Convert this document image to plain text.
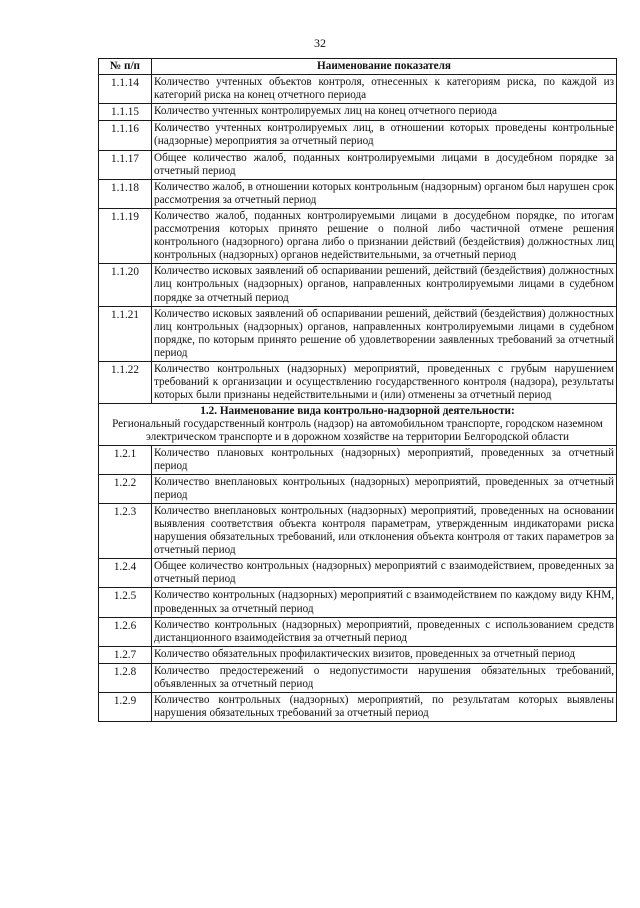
32
№ п/п	Наименование показателя
1.1.14	Количество учтенных объектов контроля, отнесенных к категориям риска, по каждой из категорий риска на конец отчетного периода
1.1.15	Количество учтенных контролируемых лиц на конец отчетного периода
1.1.16	Количество учтенных контролируемых лиц, в отношении которых проведены контрольные (надзорные) мероприятия за отчетный период
1.1.17	Общее количество жалоб, поданных контролируемыми лицами в досудебном порядке за отчетный период
1.1.18	Количество жалоб, в отношении которых контрольным (надзорным) органом был нарушен срок рассмотрения за отчетный период
1.1.19	Количество жалоб, поданных контролируемыми лицами в досудебном порядке, по итогам рассмотрения которых принято решение о полной либо частичной отмене решения контрольного (надзорного) органа либо о признании действий (бездействия) должностных лиц контрольных (надзорных) органов недействительными, за отчетный период
1.1.20	Количество исковых заявлений об оспаривании решений, действий (бездействия) должностных лиц контрольных (надзорных) органов, направленных контролируемыми лицами в судебном порядке за отчетный период
1.1.21	Количество исковых заявлений об оспаривании решений, действий (бездействия) должностных лиц контрольных (надзорных) органов, направленных контролируемыми лицами в судебном порядке, по которым принято решение об удовлетворении заявленных требований за отчетный период
1.1.22	Количество контрольных (надзорных) мероприятий, проведенных с грубым нарушением требований к организации и осуществлению государственного контроля (надзора), результаты которых были признаны недействительными и (или) отменены за отчетный период

1.2. Наименование вида контрольно-надзорной деятельности:
Региональный государственный контроль (надзор) на автомобильном транспорте, городском наземном электрическом транспорте и в дорожном хозяйстве на территории Белгородской области	

1.2.1	Количество плановых контрольных (надзорных) мероприятий, проведенных за отчетный период
1.2.2	Количество внеплановых контрольных (надзорных) мероприятий, проведенных за отчетный период
1.2.3	Количество внеплановых контрольных (надзорных) мероприятий, проведенных на основании выявления соответствия объекта контроля параметрам, утвержденным индикаторами риска нарушения обязательных требований, или отклонения объекта контроля от таких параметров за отчетный период
1.2.4	Общее количество контрольных (надзорных) мероприятий с взаимодействием, проведенных за отчетный период
1.2.5	Количество контрольных (надзорных) мероприятий с взаимодействием по каждому виду КНМ, проведенных за отчетный период
1.2.6	Количество контрольных (надзорных) мероприятий, проведенных с использованием средств дистанционного взаимодействия за отчетный период
1.2.7	Количество обязательных профилактических визитов, проведенных за отчетный период
1.2.8	Количество предостережений о недопустимости нарушения обязательных требований, объявленных за отчетный период
1.2.9	Количество контрольных (надзорных) мероприятий, по результатам которых выявлены нарушения обязательных требований за отчетный период
